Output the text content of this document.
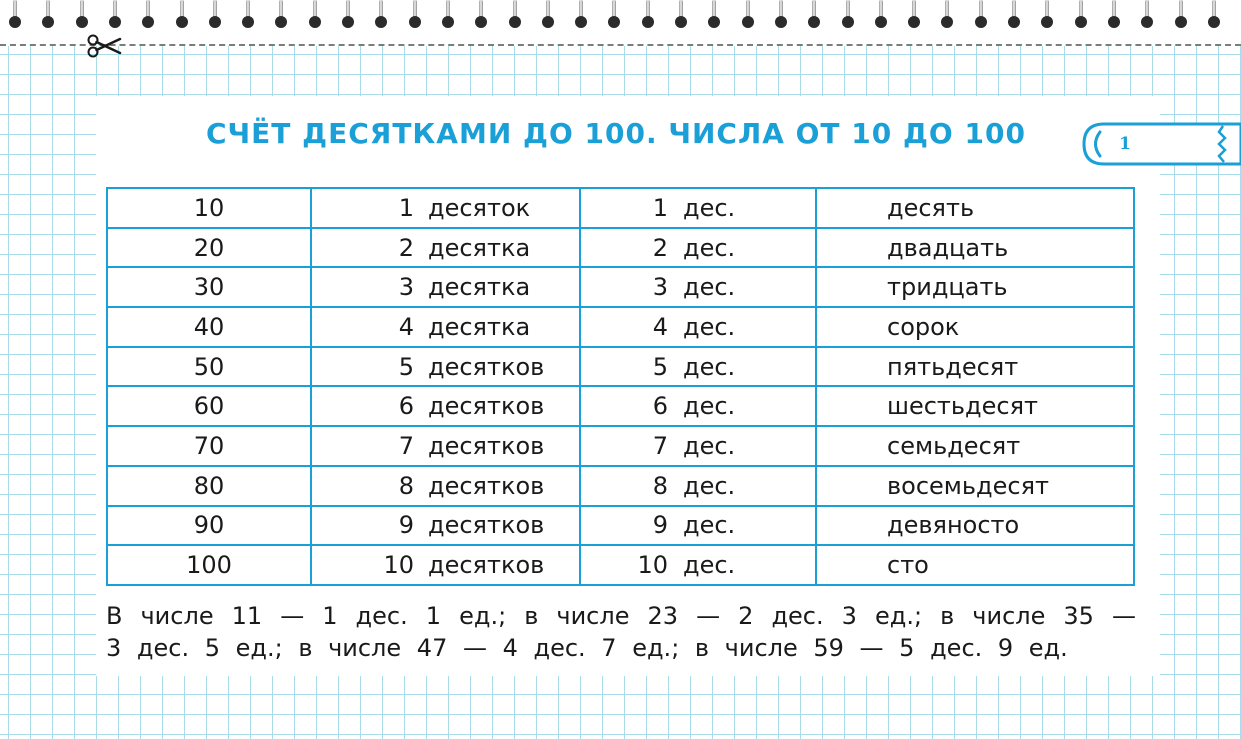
СЧЁТ ДЕСЯТКАМИ ДО 100. ЧИСЛА ОТ 10 ДО 100	1
10	1 десяток	1 дес.	десять
20	2 десятка	2 дес.	двадцать
30	3 десятка	3 дес.	тридцать
40	4 десятка	4 дес.	сорок
50	5 десятков	5 дес.	пятьдесят
60	6 десятков	6 дес.	шестьдесят
70	7 десятков	7 дес.	семьдесят
80	8 десятков	8 дес.	восемьдесят
90	9 десятков	9 дес.	девяносто
100	10 десятков	10 дес.	сто
В числе 11 — 1 дес. 1 ед.; в числе 23 — 2 дес. 3 ед.; в числе 35 —
3 дес. 5 ед.; в числе 47 — 4 дес. 7 ед.; в числе 59 — 5 дес. 9 ед.
